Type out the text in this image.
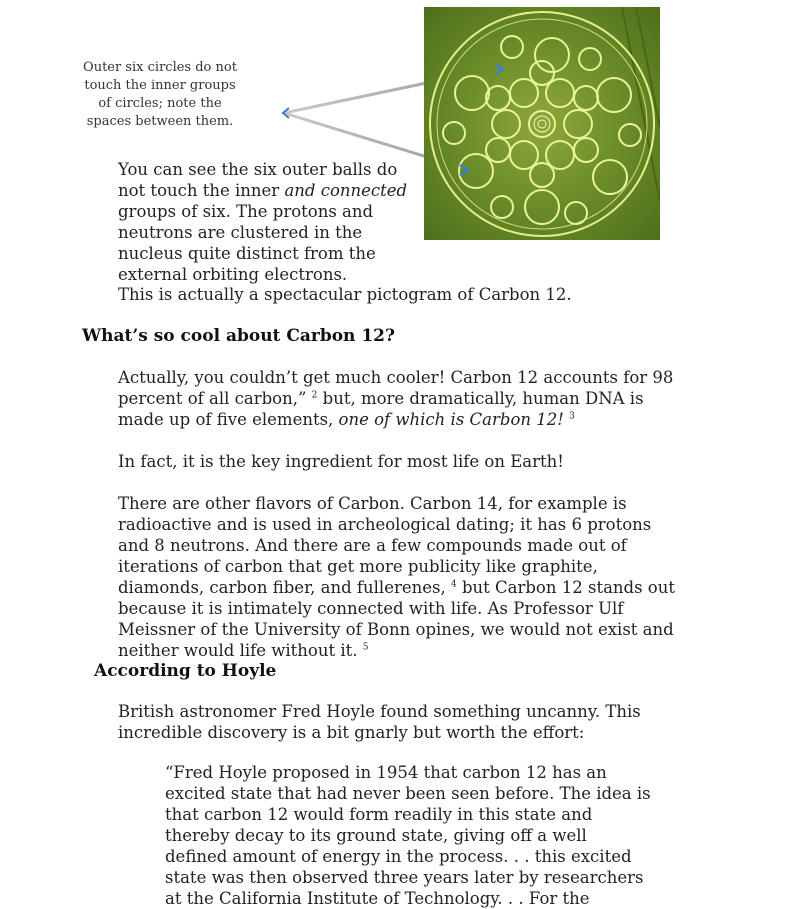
Outer six circles do not touch the inner groups of circles; note the spaces between them.
You can see the six outer balls do not touch the inner and connected groups of six. The protons and neutrons are clustered in the nucleus quite distinct from the external orbiting electrons.
This is actually a spectacular pictogram of Carbon 12.
What’s so cool about Carbon 12?
Actually, you couldn’t get much cooler! Carbon 12 accounts for 98 percent of all carbon,” $^2$ but, more dramatically, human DNA is made up of five elements, one of which is Carbon 12! $^3$
In fact, it is the key ingredient for most life on Earth!
There are other flavors of Carbon. Carbon 14, for example is radioactive and is used in archeological dating; it has 6 protons and 8 neutrons. And there are a few compounds made out of iterations of carbon that get more publicity like graphite, diamonds, carbon fiber, and fullerenes, $^4$ but Carbon 12 stands out because it is intimately connected with life. As Professor Ulf Meissner of the University of Bonn opines, we would not exist and neither would life without it. $^5$
According to Hoyle
British astronomer Fred Hoyle found something uncanny. This incredible discovery is a bit gnarly but worth the effort:
“Fred Hoyle proposed in 1954 that carbon 12 has an excited state that had never been seen before. The idea is that carbon 12 would form readily in this state and thereby decay to its ground state, giving off a well defined amount of energy in the process. . . this excited state was then observed three years later by researchers at the California Institute of Technology. . . For the
